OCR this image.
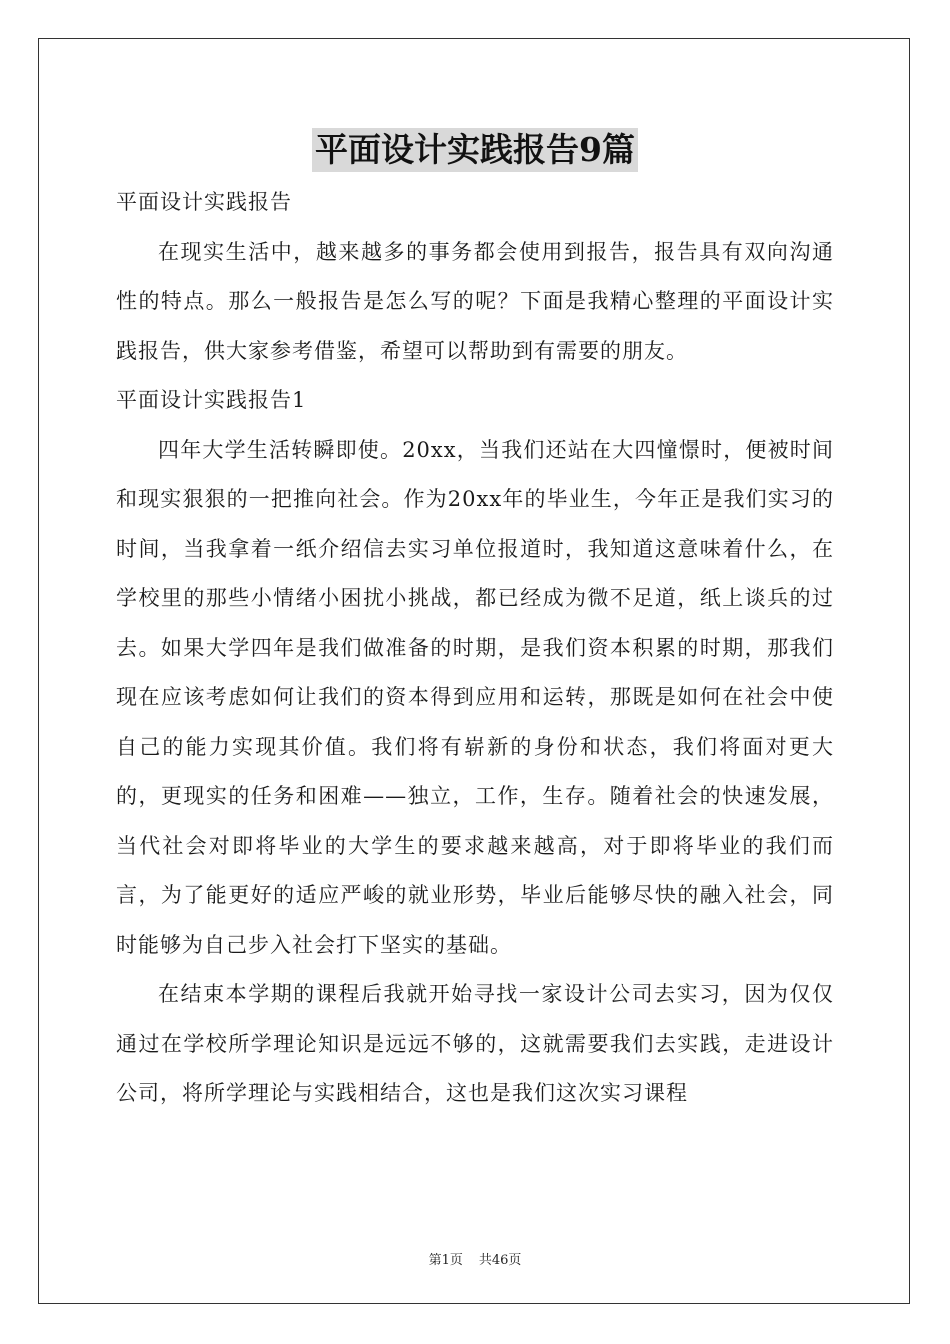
平面设计实践报告9篇

平面设计实践报告

在现实生活中，越来越多的事务都会使用到报告，报告具有双向沟通性的特点。那么一般报告是怎么写的呢？下面是我精心整理的平面设计实践报告，供大家参考借鉴，希望可以帮助到有需要的朋友。

平面设计实践报告1

四年大学生活转瞬即使。20xx，当我们还站在大四憧憬时，便被时间和现实狠狠的一把推向社会。作为20xx年的毕业生，今年正是我们实习的时间，当我拿着一纸介绍信去实习单位报道时，我知道这意味着什么，在学校里的那些小情绪小困扰小挑战，都已经成为微不足道，纸上谈兵的过去。如果大学四年是我们做准备的时期，是我们资本积累的时期，那我们现在应该考虑如何让我们的资本得到应用和运转，那既是如何在社会中使自己的能力实现其价值。我们将有崭新的身份和状态，我们将面对更大的，更现实的任务和困难——独立，工作，生存。随着社会的快速发展，当代社会对即将毕业的大学生的要求越来越高，对于即将毕业的我们而言，为了能更好的适应严峻的就业形势，毕业后能够尽快的融入社会，同时能够为自己步入社会打下坚实的基础。

在结束本学期的课程后我就开始寻找一家设计公司去实习，因为仅仅通过在学校所学理论知识是远远不够的，这就需要我们去实践，走进设计公司，将所学理论与实践相结合，这也是我们这次实习课程

第1页 共46页
